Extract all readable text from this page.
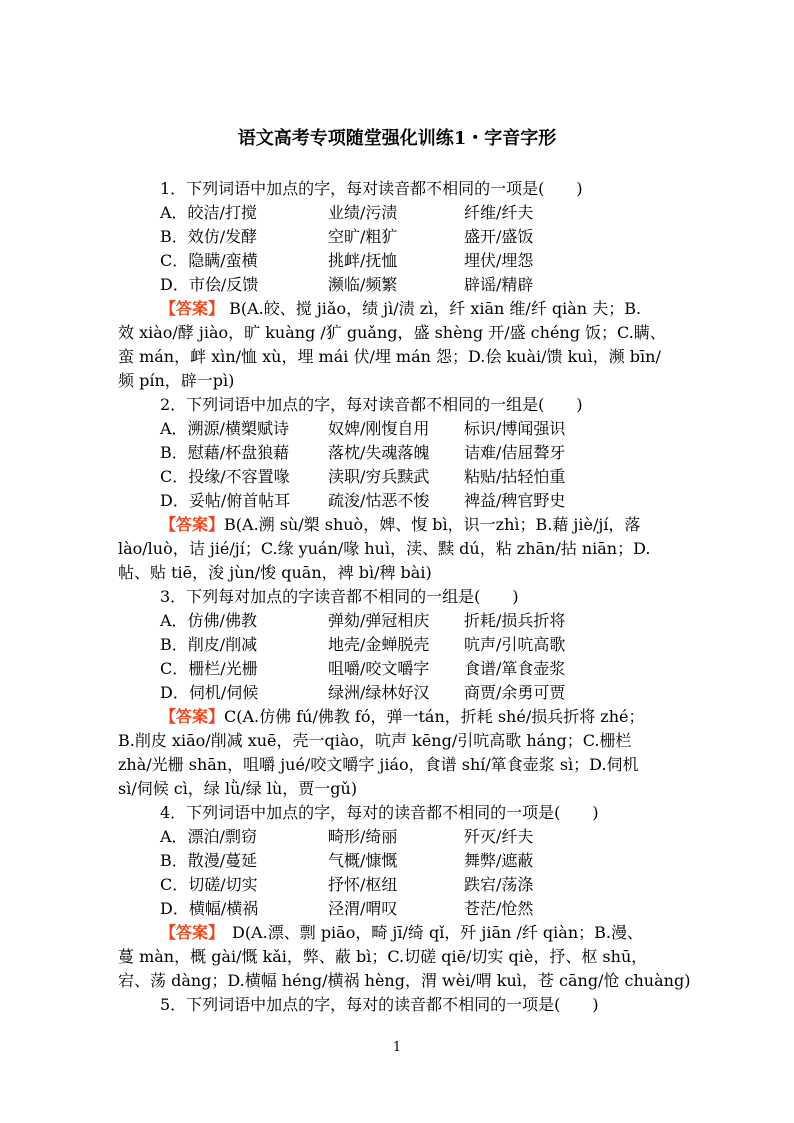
语文高考专项随堂强化训练1・字音字形
1．下列词语中加点的字，每对读音都不相同的一项是(　　)
A．皎洁/打搅	业绩/污渍	纤维/纤夫
B．效仿/发酵	空旷/粗犷	盛开/盛饭
C．隐瞒/蛮横	挑衅/抚恤	埋伏/埋怨
D．市侩/反馈	濒临/频繁	辟谣/精辟
【答案】 B(A.皎、搅 jiǎo，绩 jì/渍 zì，纤 xiān 维/纤 qiàn 夫；B.
效 xiào/酵 jiào，旷 kuàng /犷 guǎng，盛 shèng 开/盛 chéng 饭；C.瞒、
蛮 mán，衅 xìn/恤 xù，埋 mái 伏/埋 mán 怨；D.侩 kuài/馈 kuì，濒 bīn/
频 pín，辟一pì)
2．下列词语中加点的字，每对读音都不相同的一组是(　　)
A．溯源/横槊赋诗 奴婢/刚愎自用 标识/博闻强识
B．慰藉/杯盘狼藉 落枕/失魂落魄 诘难/佶屈聱牙
C．投缘/不容置喙 渎职/穷兵黩武 粘贴/拈轻怕重
D．妥帖/俯首帖耳 疏浚/怙恶不悛 裨益/稗官野史
【答案】B(A.溯 sù/槊 shuò，婢、愎 bì，识一zhì；B.藉 jiè/jí，落
lào/luò，诘 jié/jí；C.缘 yuán/喙 huì，渎、黩 dú，粘 zhān/拈 niān；D.
帖、贴 tiē，浚 jùn/悛 quān，裨 bì/稗 bài)
3．下列每对加点的字读音都不相同的一组是(　　)
A．仿佛/佛教	弹劾/弹冠相庆 折耗/损兵折将
B．削皮/削减	地壳/金蝉脱壳 吭声/引吭高歌
C．栅栏/光栅	咀嚼/咬文嚼字 食谱/箪食壶浆
D．伺机/伺候	绿洲/绿林好汉 商贾/余勇可贾
【答案】C(A.仿佛 fú/佛教 fó，弹一tán，折耗 shé/损兵折将 zhé；
B.削皮 xiāo/削减 xuē，壳一qiào，吭声 kēng/引吭高歌 háng；C.栅栏
zhà/光栅 shān，咀嚼 jué/咬文嚼字 jiáo，食谱 shí/箪食壶浆 sì；D.伺机
sì/伺候 cì，绿 lǜ/绿 lù，贾一gǔ)
4．下列词语中加点的字，每对的读音都不相同的一项是(　　)
A．漂泊/剽窃	畸形/绮丽	歼灭/纤夫
B．散漫/蔓延	气概/慷慨	舞弊/遮蔽
C．切磋/切实	抒怀/枢纽	跌宕/荡涤
D．横幅/横祸	泾渭/喟叹	苍茫/怆然
【答案】　D(A.漂、剽 piāo，畸 jī/绮 qǐ，歼 jiān /纤 qiàn；B.漫、
蔓 màn，概 gài/慨 kǎi，弊、蔽 bì；C.切磋 qiē/切实 qiè，抒、枢 shū，
宕、荡 dàng；D.横幅 héng/横祸 hèng，渭 wèi/喟 kuì，苍 cāng/怆 chuàng)
5．下列词语中加点的字，每对的读音都不相同的一项是(　　)
1
